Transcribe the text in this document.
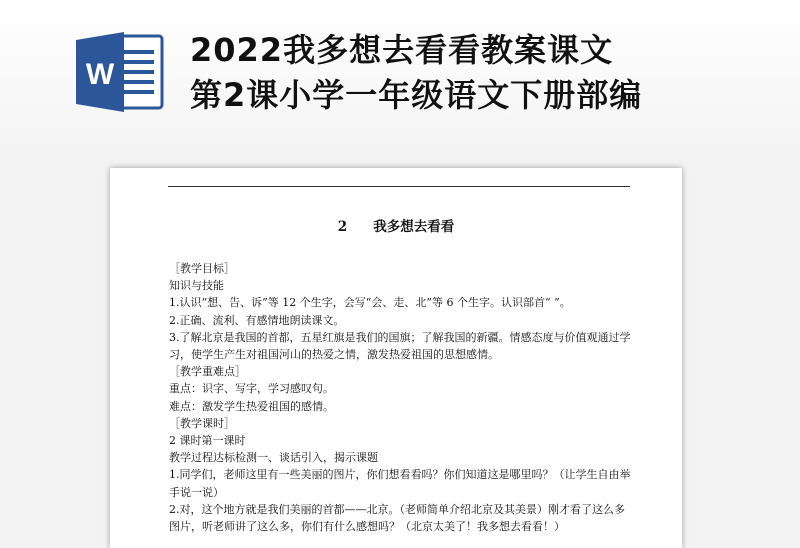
W
2022我多想去看看教案课文
第2课小学一年级语文下册部编
2 我多想去看看

［教学目标］

知识与技能

1.认识“想、告、诉”等 12 个生字，会写“会、走、北”等 6 个生字。认识部首“ ”。

2.正确、流利、有感情地朗读课文。

3.了解北京是我国的首都，五星红旗是我们的国旗；了解我国的新疆。情感态度与价值观通过学习，使学生产生对祖国河山的热爱之情，激发热爱祖国的思想感情。

［教学重难点］

重点：识字、写字，学习感叹句。

难点：激发学生热爱祖国的感情。

［教学课时］

2 课时第一课时

教学过程达标检测一、谈话引入，揭示课题

1.同学们，老师这里有一些美丽的图片，你们想看看吗？你们知道这是哪里吗？（让学生自由举手说一说）

2.对，这个地方就是我们美丽的首都——北京。（老师简单介绍北京及其美景）刚才看了这么多图片，听老师讲了这么多，你们有什么感想吗？（北京太美了！我多想去看看！）
